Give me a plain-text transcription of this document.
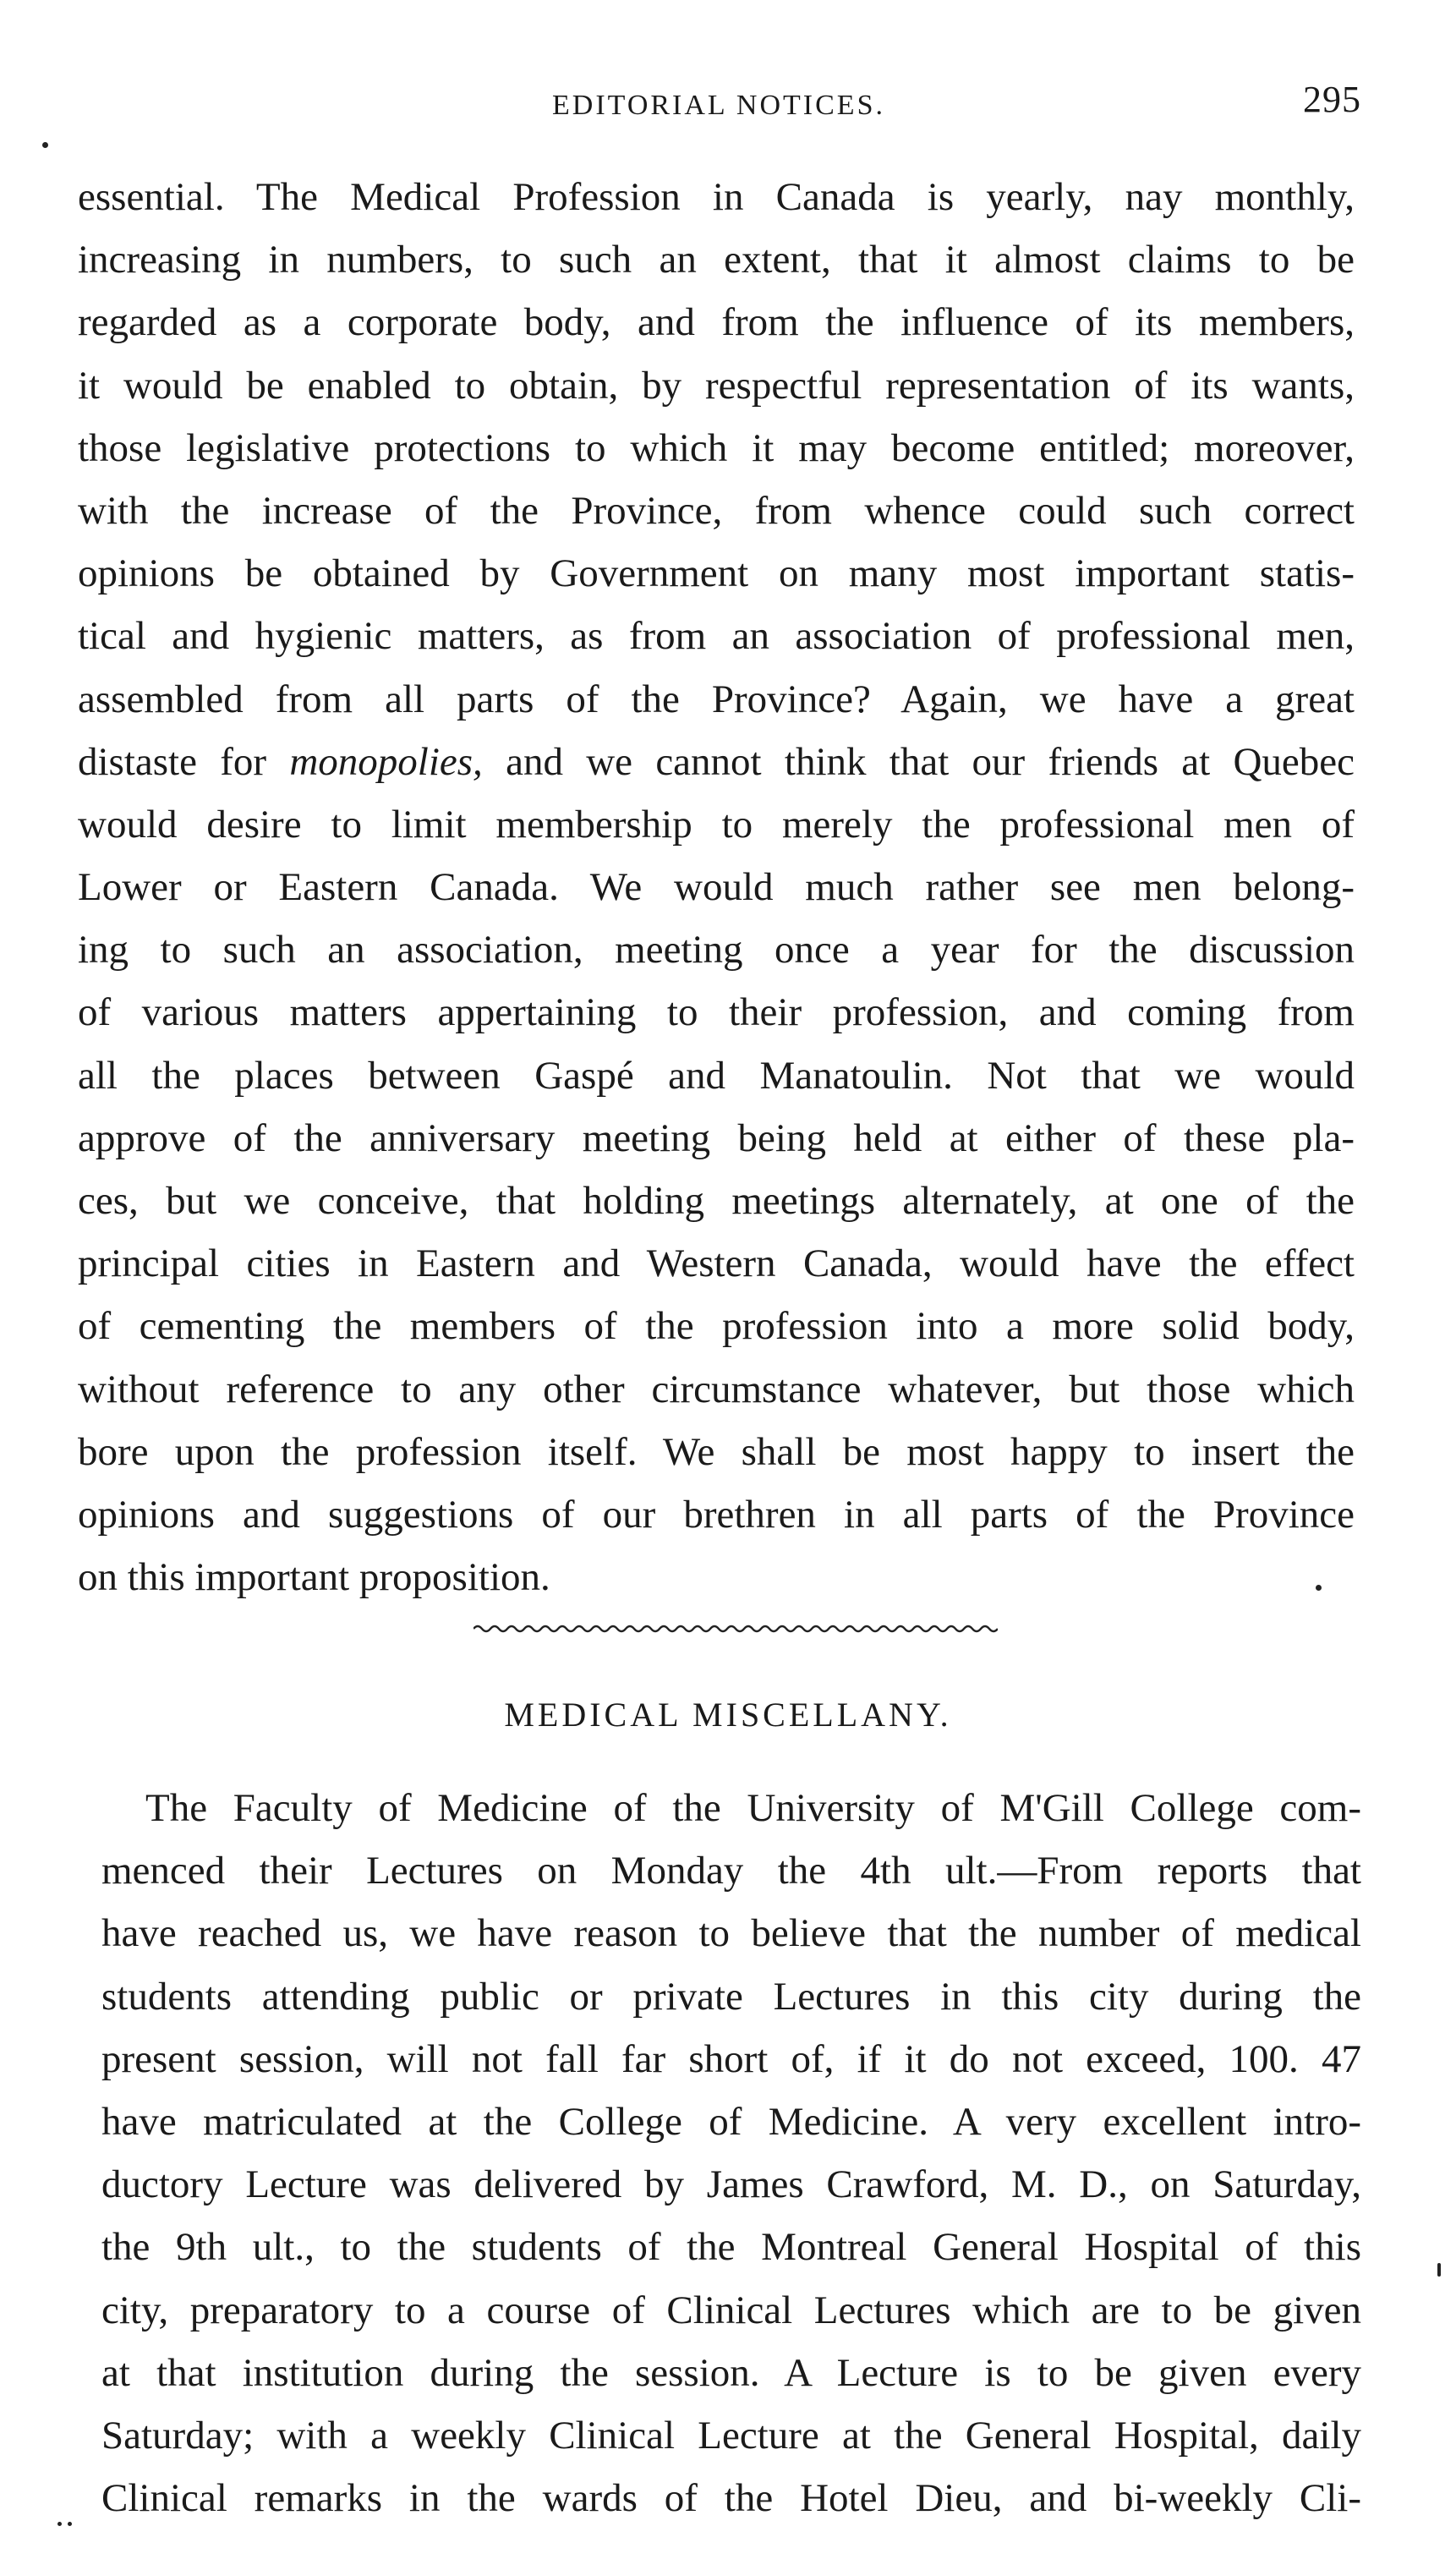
EDITORIAL NOTICES.	295
essential. The Medical Profession in Canada is yearly, nay monthly,
increasing in numbers, to such an extent, that it almost claims to be
regarded as a corporate body, and from the influence of its members,
it would be enabled to obtain, by respectful representation of its wants,
those legislative protections to which it may become entitled; moreover,
with the increase of the Province, from whence could such correct
opinions be obtained by Government on many most important statis-
tical and hygienic matters, as from an association of professional men,
assembled from all parts of the Province? Again, we have a great
distaste for monopolies, and we cannot think that our friends at Quebec
would desire to limit membership to merely the professional men of
Lower or Eastern Canada. We would much rather see men belong-
ing to such an association, meeting once a year for the discussion
of various matters appertaining to their profession, and coming from
all the places between Gaspé and Manatoulin. Not that we would
approve of the anniversary meeting being held at either of these pla-
ces, but we conceive, that holding meetings alternately, at one of the
principal cities in Eastern and Western Canada, would have the effect
of cementing the members of the profession into a more solid body,
without reference to any other circumstance whatever, but those which
bore upon the profession itself. We shall be most happy to insert the
opinions and suggestions of our brethren in all parts of the Province
on this important proposition.
MEDICAL MISCELLANY.
The Faculty of Medicine of the University of M'Gill College com-
menced their Lectures on Monday the 4th ult.—From reports that
have reached us, we have reason to believe that the number of medical
students attending public or private Lectures in this city during the
present session, will not fall far short of, if it do not exceed, 100. 47
have matriculated at the College of Medicine. A very excellent intro-
ductory Lecture was delivered by James Crawford, M. D., on Saturday,
the 9th ult., to the students of the Montreal General Hospital of this
city, preparatory to a course of Clinical Lectures which are to be given
at that institution during the session. A Lecture is to be given every
Saturday; with a weekly Clinical Lecture at the General Hospital, daily
Clinical remarks in the wards of the Hotel Dieu, and bi-weekly Cli-
